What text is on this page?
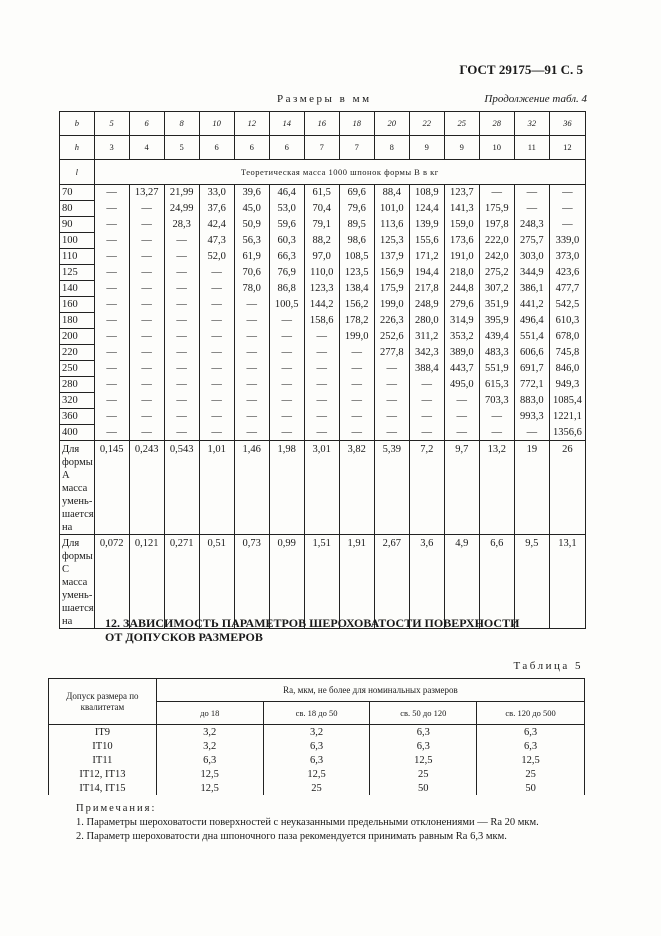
ГОСТ 29175—91 С. 5
Размеры в мм	Продолжение табл. 4
b	5	6	8	10	12	14	16	18	20	22	25	28	32	36
h	3	4	5	6	6	6	7	7	8	9	9	10	11	12
l	Теоретическая масса 1000 шпонок формы В в кг													
70	—	13,27	21,99	33,0	39,6	46,4	61,5	69,6	88,4	108,9	123,7	—	—	—
80	—	—	24,99	37,6	45,0	53,0	70,4	79,6	101,0	124,4	141,3	175,9	—	—
90	—	—	28,3	42,4	50,9	59,6	79,1	89,5	113,6	139,9	159,0	197,8	248,3	—
100	—	—	—	47,3	56,3	60,3	88,2	98,6	125,3	155,6	173,6	222,0	275,7	339,0
110	—	—	—	52,0	61,9	66,3	97,0	108,5	137,9	171,2	191,0	242,0	303,0	373,0
125	—	—	—	—	70,6	76,9	110,0	123,5	156,9	194,4	218,0	275,2	344,9	423,6
140	—	—	—	—	78,0	86,8	123,3	138,4	175,9	217,8	244,8	307,2	386,1	477,7
160	—	—	—	—	—	100,5	144,2	156,2	199,0	248,9	279,6	351,9	441,2	542,5
180	—	—	—	—	—	—	158,6	178,2	226,3	280,0	314,9	395,9	496,4	610,3
200	—	—	—	—	—	—	—	199,0	252,6	311,2	353,2	439,4	551,4	678,0
220	—	—	—	—	—	—	—	—	277,8	342,3	389,0	483,3	606,6	745,8
250	—	—	—	—	—	—	—	—	—	388,4	443,7	551,9	691,7	846,0
280	—	—	—	—	—	—	—	—	—	—	495,0	615,3	772,1	949,3
320	—	—	—	—	—	—	—	—	—	—	—	703,3	883,0	1085,4
360	—	—	—	—	—	—	—	—	—	—	—	—	993,3	1221,1
400	—	—	—	—	—	—	—	—	—	—	—	—	—	1356,6
Для формы А масса умень-шается на	0,145	0,243	0,543	1,01	1,46	1,98	3,01	3,82	5,39	7,2	9,7	13,2	19	26
Для формы С масса умень-шается на	0,072	0,121	0,271	0,51	0,73	0,99	1,51	1,91	2,67	3,6	4,9	6,6	9,5	13,1
12. ЗАВИСИМОСТЬ ПАРАМЕТРОВ ШЕРОХОВАТОСТИ ПОВЕРХНОСТИ ОТ ДОПУСКОВ РАЗМЕРОВ
Таблица 5
Допуск размера по квалитетам	Ra, мкм, не более для номинальных размеров			
	до 18	св. 18 до 50	св. 50 до 120	св. 120 до 500
IT9	3,2	3,2	6,3	6,3
IT10	3,2	6,3	6,3	6,3
IT11	6,3	6,3	12,5	12,5
IT12, IT13	12,5	12,5	25	25
IT14, IT15	12,5	25	50	50
Примечания:
1. Параметры шероховатости поверхностей с неуказанными предельными отклонениями — Ra 20 мкм.
2. Параметр шероховатости дна шпоночного паза рекомендуется принимать равным Ra 6,3 мкм.
